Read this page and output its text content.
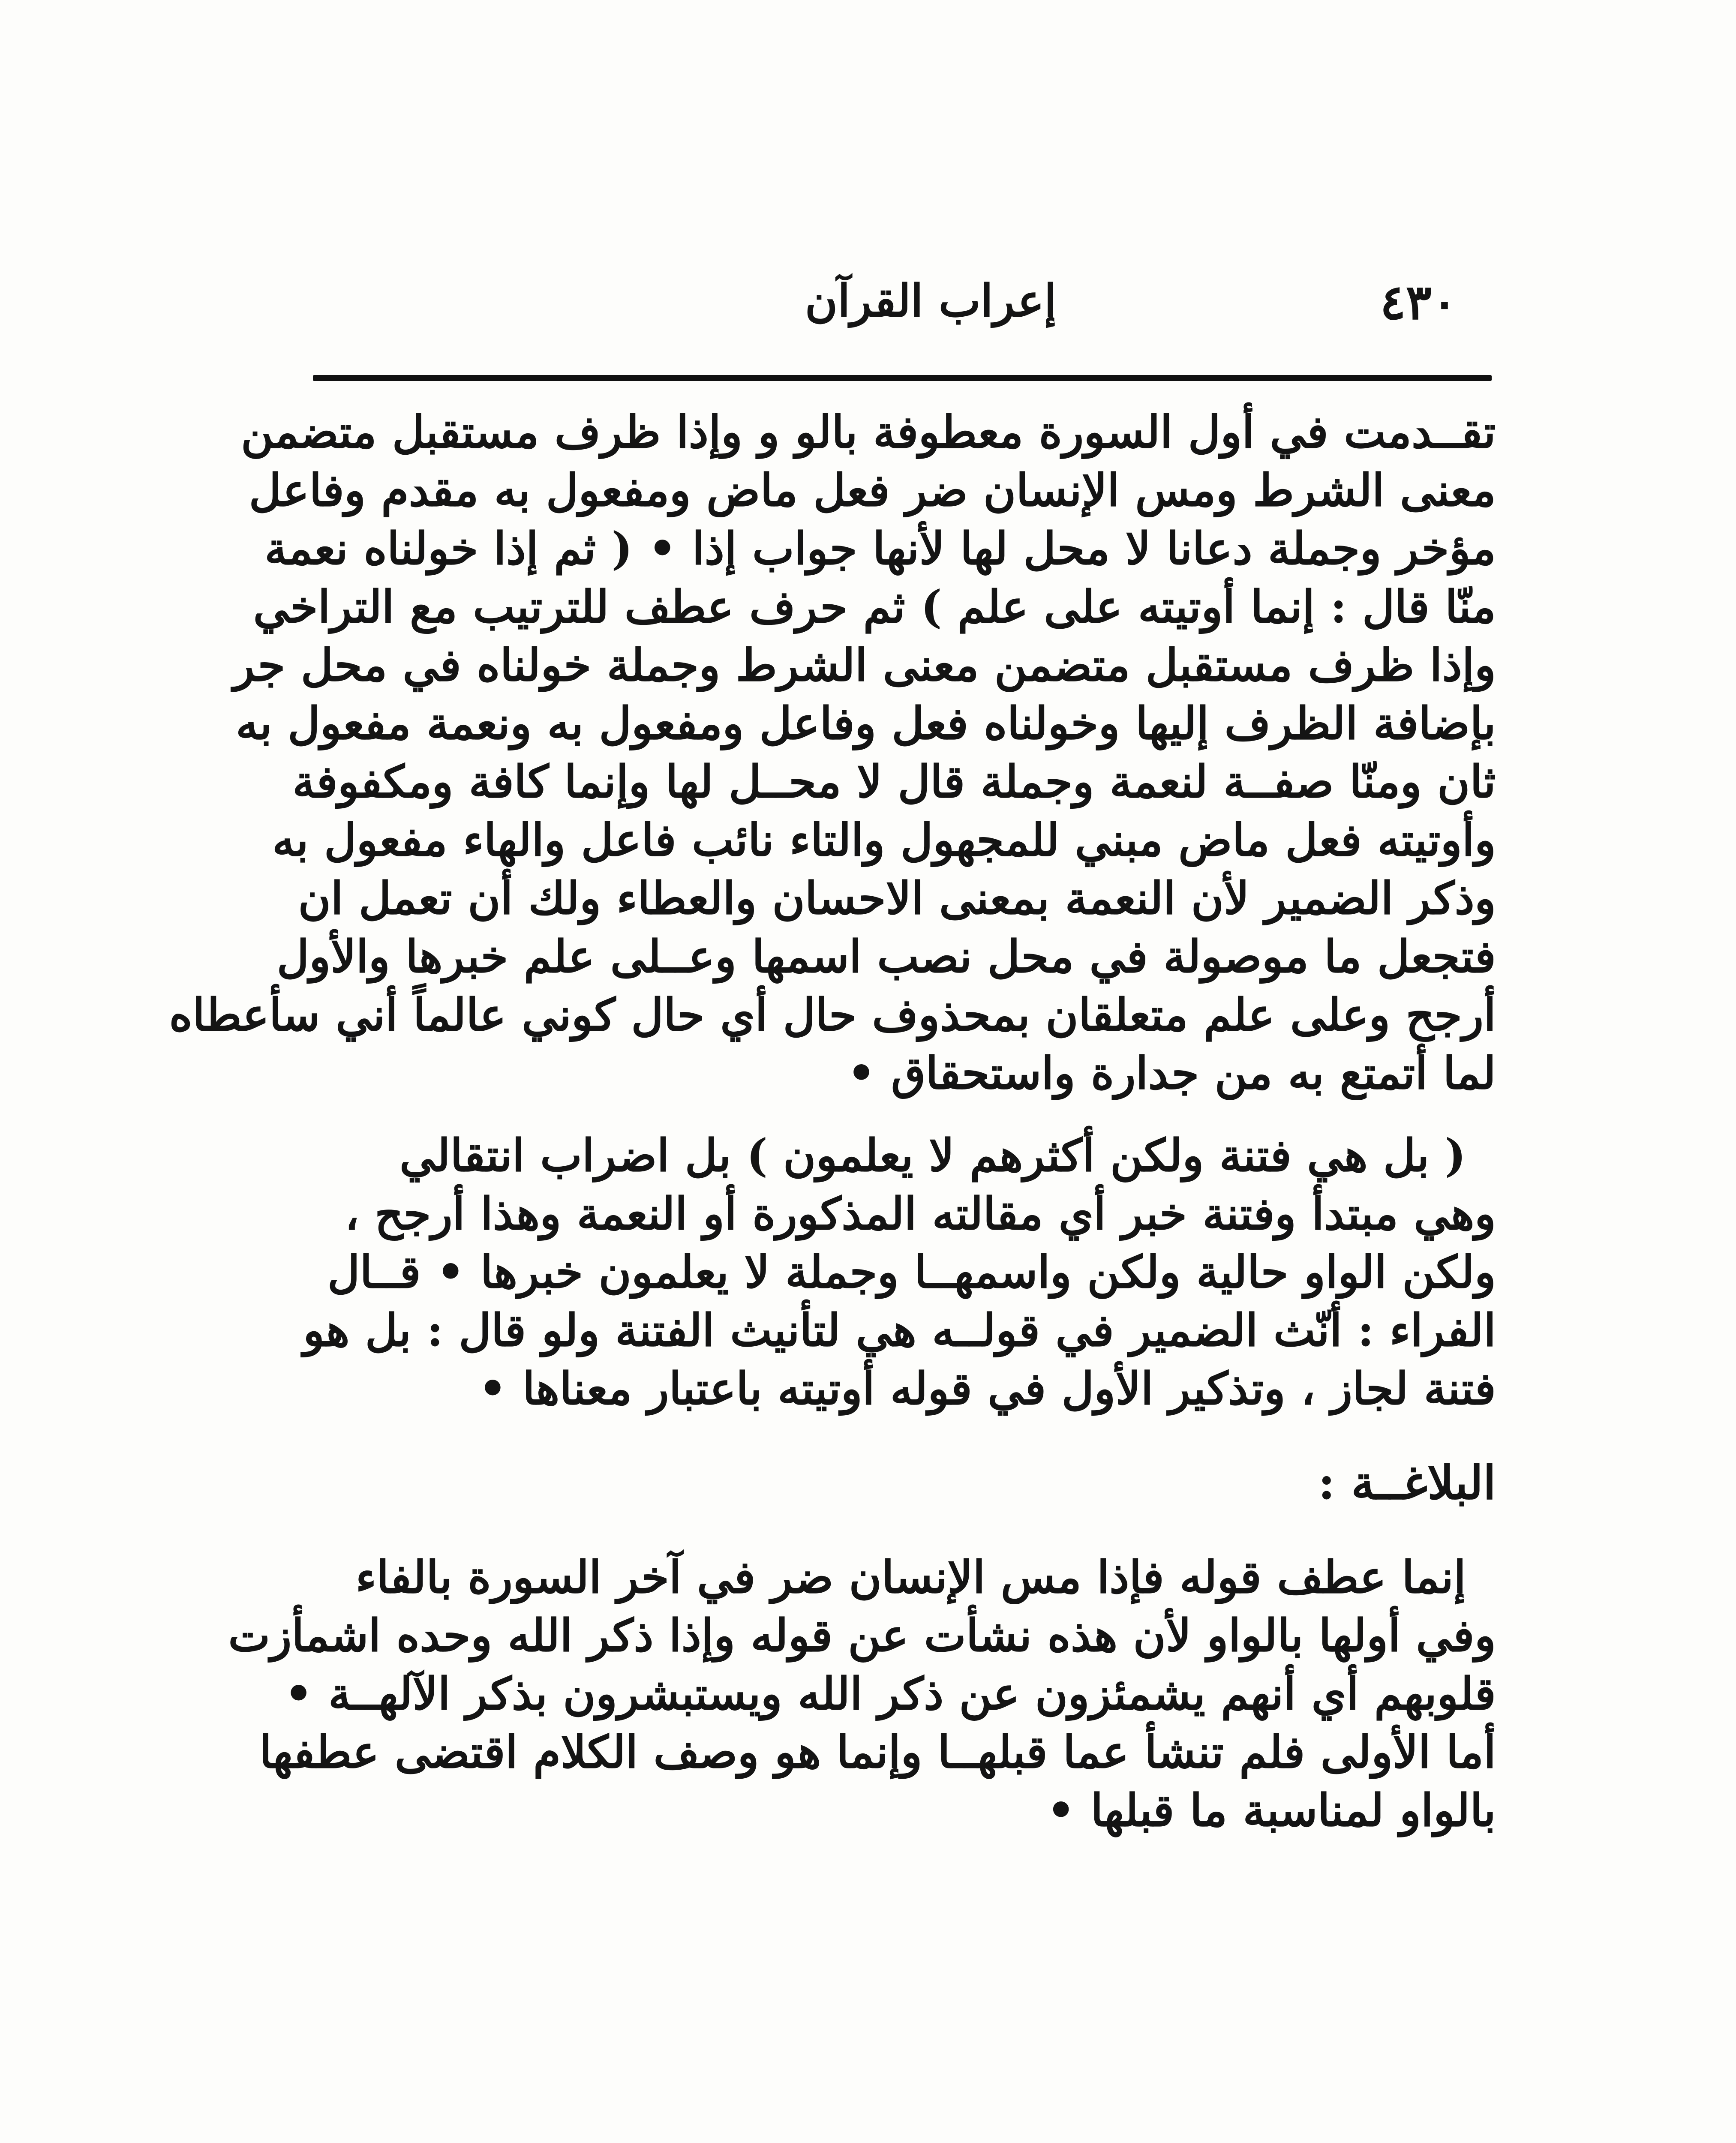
٤٣٠
إعراب القرآن
تقــدمت في أول السورة معطوفة بالو و وإذا ظرف مستقبل متضمن
معنى الشرط ومس الإنسان ضر فعل ماض ومفعول به مقدم وفاعل
مؤخر وجملة دعانا لا محل لها لأنها جواب إذا • ( ثم إذا خولناه نعمة
منّا قال : إنما أوتيته على علم ) ثم حرف عطف للترتيب مع التراخي
وإذا ظرف مستقبل متضمن معنى الشرط وجملة خولناه في محل جر
بإضافة الظرف إليها وخولناه فعل وفاعل ومفعول به ونعمة مفعول به
ثان ومنّا صفــة لنعمة وجملة قال لا محــل لها وإنما كافة ومكفوفة
وأوتيته فعل ماض مبني للمجهول والتاء نائب فاعل والهاء مفعول به
وذكر الضمير لأن النعمة بمعنى الاحسان والعطاء ولك أن تعمل ان
فتجعل ما موصولة في محل نصب اسمها وعــلى علم خبرها والأول
أرجح وعلى علم متعلقان بمحذوف حال أي حال كوني عالماً أني سأعطاه
لما أتمتع به من جدارة واستحقاق •
( بل هي فتنة ولكن أكثرهم لا يعلمون ) بل اضراب انتقالي
وهي مبتدأ وفتنة خبر أي مقالته المذكورة أو النعمة وهذا أرجح ،
ولكن الواو حالية ولكن واسمهــا وجملة لا يعلمون خبرها • قــال
الفراء : أنّث الضمير في قولــه هي لتأنيث الفتنة ولو قال : بل هو
فتنة لجاز ، وتذكير الأول في قوله أوتيته باعتبار معناها •
البلاغــة :
إنما عطف قوله فإذا مس الإنسان ضر في آخر السورة بالفاء
وفي أولها بالواو لأن هذه نشأت عن قوله وإذا ذكر الله وحده اشمأزت
قلوبهم أي أنهم يشمئزون عن ذكر الله ويستبشرون بذكر الآلهــة •
أما الأولى فلم تنشأ عما قبلهــا وإنما هو وصف الكلام اقتضى عطفها
بالواو لمناسبة ما قبلها •
